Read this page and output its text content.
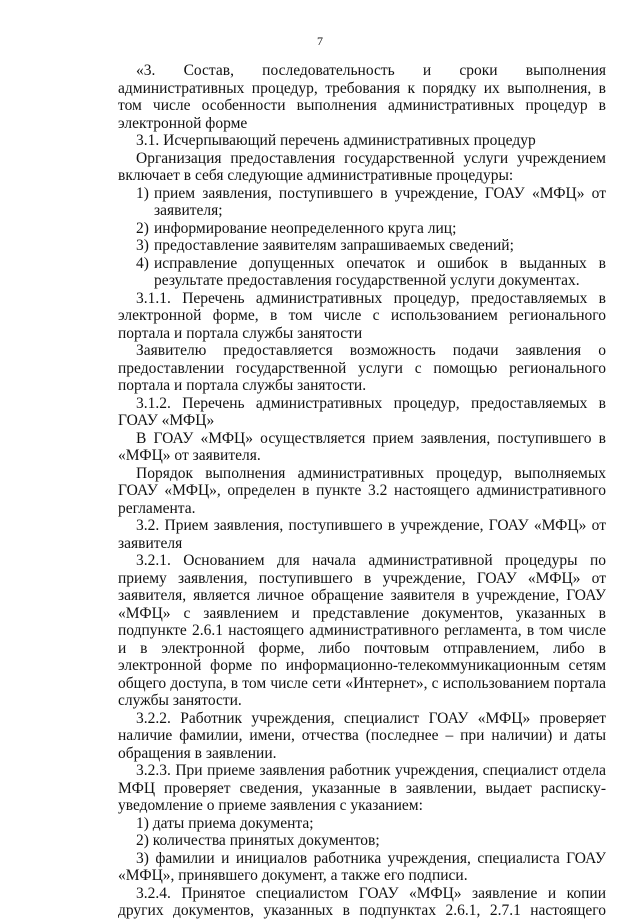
7

«3. Состав, последовательность и сроки выполнения административных процедур, требования к порядку их выполнения, в том числе особенности выполнения административных процедур в электронной форме

3.1. Исчерпывающий перечень административных процедур

Организация предоставления государственной услуги учреждением включает в себя следующие административные процедуры:

1) прием заявления, поступившего в учреждение, ГОАУ «МФЦ» от заявителя;
2) информирование неопределенного круга лиц;
3) предоставление заявителям запрашиваемых сведений;
4) исправление допущенных опечаток и ошибок в выданных в результате предоставления государственной услуги документах.

3.1.1. Перечень административных процедур, предоставляемых в электронной форме, в том числе с использованием регионального портала и портала службы занятости

Заявителю предоставляется возможность подачи заявления о предоставлении государственной услуги с помощью регионального портала и портала службы занятости.

3.1.2. Перечень административных процедур, предоставляемых в ГОАУ «МФЦ»

В ГОАУ «МФЦ» осуществляется прием заявления, поступившего в «МФЦ» от заявителя.

Порядок выполнения административных процедур, выполняемых ГОАУ «МФЦ», определен в пункте 3.2 настоящего административного регламента.

3.2. Прием заявления, поступившего в учреждение, ГОАУ «МФЦ» от заявителя

3.2.1. Основанием для начала административной процедуры по приему заявления, поступившего в учреждение, ГОАУ «МФЦ» от заявителя, является личное обращение заявителя в учреждение, ГОАУ «МФЦ» с заявлением и представление документов, указанных в подпункте 2.6.1 настоящего административного регламента, в том числе и в электронной форме, либо почтовым отправлением, либо в электронной форме по информационно-телекоммуникационным сетям общего доступа, в том числе сети «Интернет», с использованием портала службы занятости.

3.2.2. Работник учреждения, специалист ГОАУ «МФЦ» проверяет наличие фамилии, имени, отчества (последнее – при наличии) и даты обращения в заявлении.

3.2.3. При приеме заявления работник учреждения, специалист отдела МФЦ проверяет сведения, указанные в заявлении, выдает расписку-уведомление о приеме заявления с указанием:

1) даты приема документа;

2) количества принятых документов;

3) фамилии и инициалов работника учреждения, специалиста ГОАУ «МФЦ», принявшего документ, а также его подписи.

3.2.4. Принятое специалистом ГОАУ «МФЦ» заявление и копии других документов, указанных в подпунктах 2.6.1, 2.7.1 настоящего
